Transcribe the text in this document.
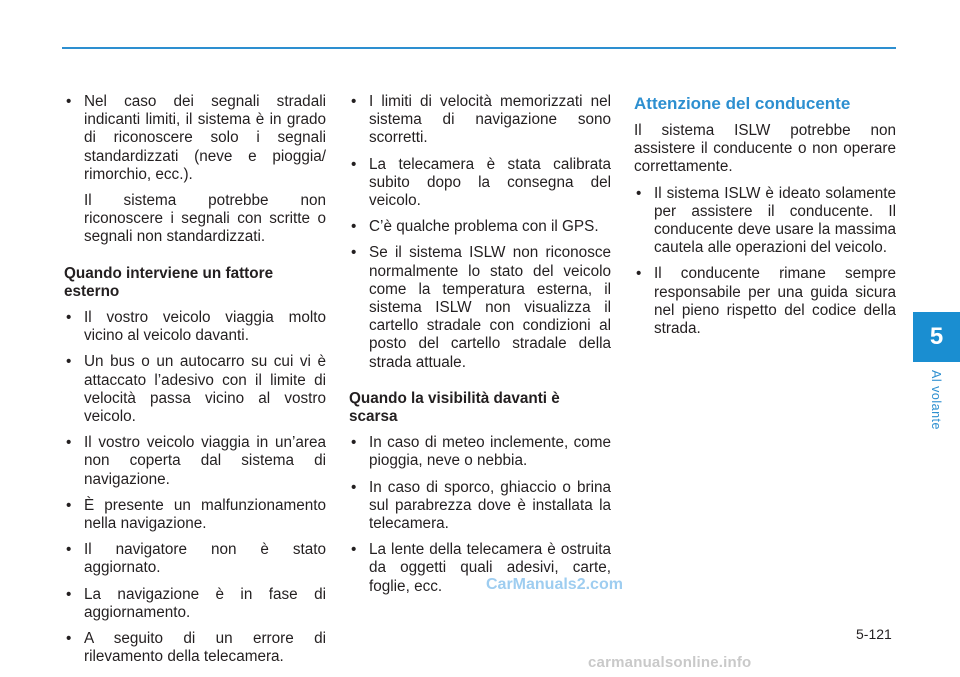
• Nel caso dei segnali stradali indicanti limiti, il sistema è in grado di riconoscere solo i segnali standardizzati (neve e pioggia/ rimorchio, ecc.).

Il sistema potrebbe non riconoscere i segnali con scritte o segnali non standardizzati.

Quando interviene un fattore esterno

• Il vostro veicolo viaggia molto vicino al veicolo davanti.
• Un bus o un autocarro su cui vi è attaccato l’adesivo con il limite di velocità passa vicino al vostro veicolo.
• Il vostro veicolo viaggia in un’area non coperta dal sistema di navigazione.
• È presente un malfunzionamento nella navigazione.
• Il navigatore non è stato aggiornato.
• La navigazione è in fase di aggiornamento.
• A seguito di un errore di rilevamento della telecamera.
• I limiti di velocità memorizzati nel sistema di navigazione sono scorretti.
• La telecamera è stata calibrata subito dopo la consegna del veicolo.
• C’è qualche problema con il GPS.
• Se il sistema ISLW non riconosce normalmente lo stato del veicolo come la temperatura esterna, il sistema ISLW non visualizza il cartello stradale con condizioni al posto del cartello stradale della strada attuale.

Quando la visibilità davanti è scarsa

• In caso di meteo inclemente, come pioggia, neve o nebbia.
• In caso di sporco, ghiaccio o brina sul parabrezza dove è installata la telecamera.
• La lente della telecamera è ostruita da oggetti quali adesivi, carte, foglie, ecc.

Attenzione del conducente

Il sistema ISLW potrebbe non assistere il conducente o non operare correttamente.

• Il sistema ISLW è ideato solamente per assistere il conducente. Il conducente deve usare la massima cautela alle operazioni del veicolo.
• Il conducente rimane sempre responsabile per una guida sicura nel pieno rispetto del codice della strada.	5
Al volante
CarManuals2.com
5-121
carmanualsonline.info
